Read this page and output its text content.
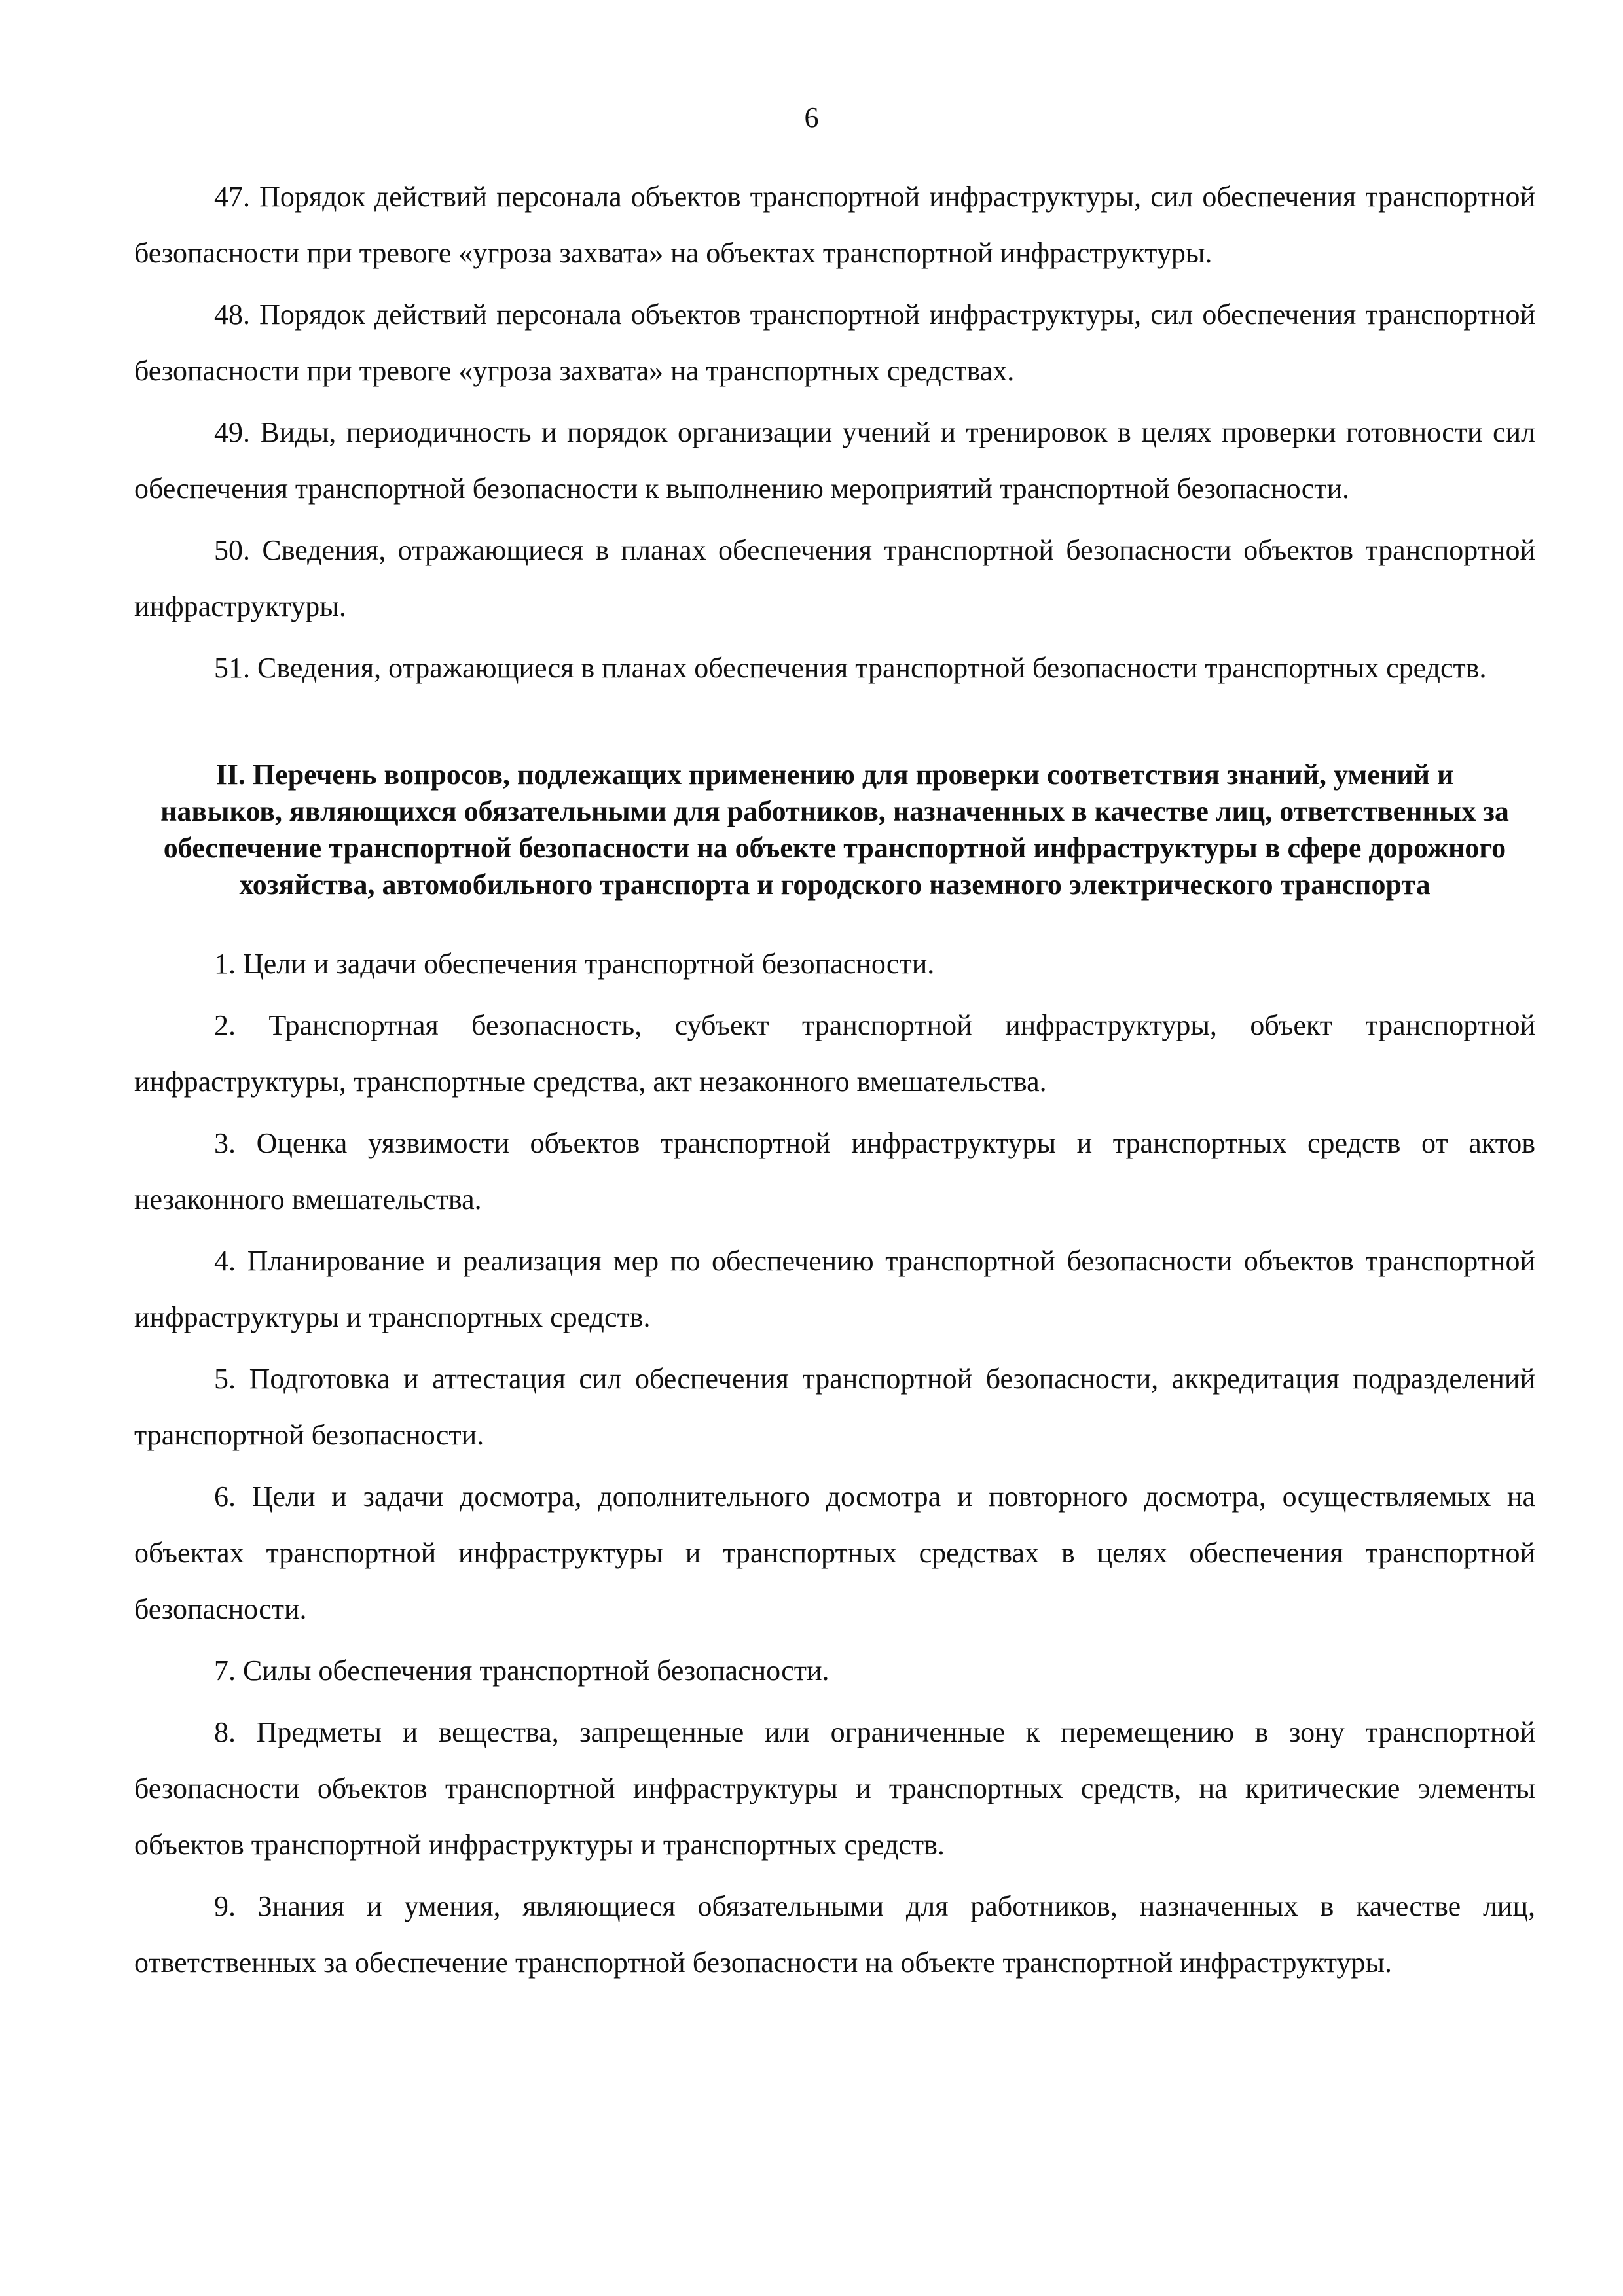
6

47. Порядок действий персонала объектов транспортной инфраструктуры, сил обеспечения транспортной безопасности при тревоге «угроза захвата» на объектах транспортной инфраструктуры.

48. Порядок действий персонала объектов транспортной инфраструктуры, сил обеспечения транспортной безопасности при тревоге «угроза захвата» на транспортных средствах.

49. Виды, периодичность и порядок организации учений и тренировок в целях проверки готовности сил обеспечения транспортной безопасности к выполнению мероприятий транспортной безопасности.

50. Сведения, отражающиеся в планах обеспечения транспортной безопасности объектов транспортной инфраструктуры.

51. Сведения, отражающиеся в планах обеспечения транспортной безопасности транспортных средств.

II. Перечень вопросов, подлежащих применению для проверки соответствия знаний, умений и навыков, являющихся обязательными для работников, назначенных в качестве лиц, ответственных за обеспечение транспортной безопасности на объекте транспортной инфраструктуры в сфере дорожного хозяйства, автомобильного транспорта и городского наземного электрического транспорта

1. Цели и задачи обеспечения транспортной безопасности.

2. Транспортная безопасность, субъект транспортной инфраструктуры, объект транспортной инфраструктуры, транспортные средства, акт незаконного вмешательства.

3. Оценка уязвимости объектов транспортной инфраструктуры и транспортных средств от актов незаконного вмешательства.

4. Планирование и реализация мер по обеспечению транспортной безопасности объектов транспортной инфраструктуры и транспортных средств.

5. Подготовка и аттестация сил обеспечения транспортной безопасности, аккредитация подразделений транспортной безопасности.

6. Цели и задачи досмотра, дополнительного досмотра и повторного досмотра, осуществляемых на объектах транспортной инфраструктуры и транспортных средствах в целях обеспечения транспортной безопасности.

7. Силы обеспечения транспортной безопасности.

8. Предметы и вещества, запрещенные или ограниченные к перемещению в зону транспортной безопасности объектов транспортной инфраструктуры и транспортных средств, на критические элементы объектов транспортной инфраструктуры и транспортных средств.

9. Знания и умения, являющиеся обязательными для работников, назначенных в качестве лиц, ответственных за обеспечение транспортной безопасности на объекте транспортной инфраструктуры.
